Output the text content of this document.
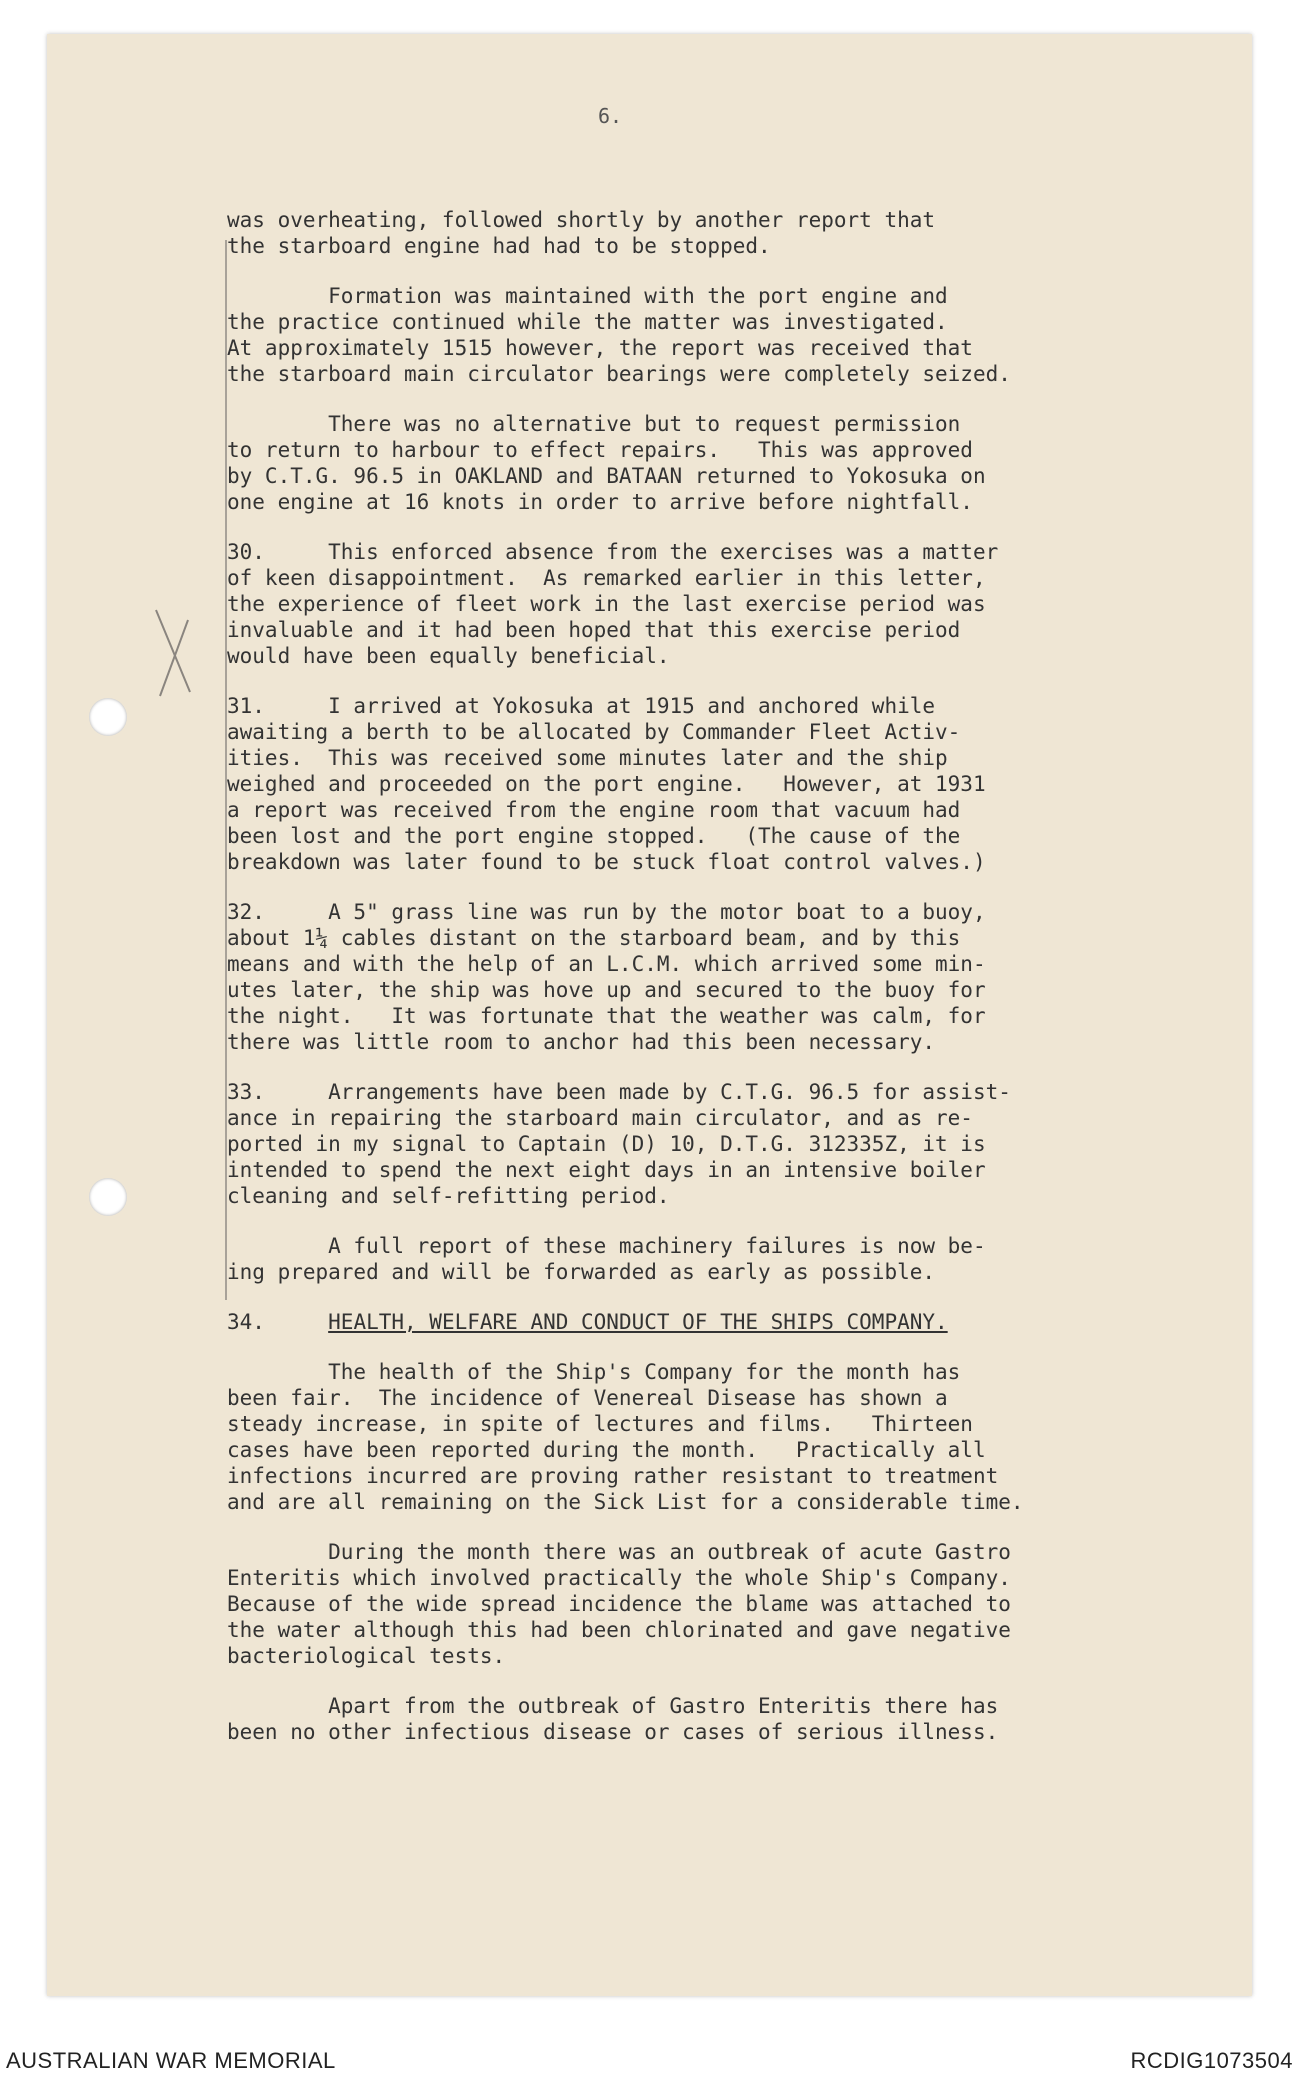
6.
was overheating, followed shortly by another report that
the starboard engine had had to be stopped.
Formation was maintained with the port engine and
the practice continued while the matter was investigated.
At approximately 1515 however, the report was received that
the starboard main circulator bearings were completely seized.
There was no alternative but to request permission
to return to harbour to effect repairs.   This was approved
by C.T.G. 96.5 in OAKLAND and BATAAN returned to Yokosuka on
one engine at 16 knots in order to arrive before nightfall.
30.     This enforced absence from the exercises was a matter
of keen disappointment.  As remarked earlier in this letter,
the experience of fleet work in the last exercise period was
invaluable and it had been hoped that this exercise period
would have been equally beneficial.
31.     I arrived at Yokosuka at 1915 and anchored while
awaiting a berth to be allocated by Commander Fleet Activ-
ities.  This was received some minutes later and the ship
weighed and proceeded on the port engine.   However, at 1931
a report was received from the engine room that vacuum had
been lost and the port engine stopped.   (The cause of the
breakdown was later found to be stuck float control valves.)
32.     A 5" grass line was run by the motor boat to a buoy,
about 1¼ cables distant on the starboard beam, and by this
means and with the help of an L.C.M. which arrived some min-
utes later, the ship was hove up and secured to the buoy for
the night.   It was fortunate that the weather was calm, for
there was little room to anchor had this been necessary.
33.     Arrangements have been made by C.T.G. 96.5 for assist-
ance in repairing the starboard main circulator, and as re-
ported in my signal to Captain (D) 10, D.T.G. 312335Z, it is
intended to spend the next eight days in an intensive boiler
cleaning and self-refitting period.
A full report of these machinery failures is now be-
ing prepared and will be forwarded as early as possible.
34.	HEALTH, WELFARE AND CONDUCT OF THE SHIPS COMPANY.
The health of the Ship's Company for the month has
been fair.  The incidence of Venereal Disease has shown a
steady increase, in spite of lectures and films.   Thirteen
cases have been reported during the month.   Practically all
infections incurred are proving rather resistant to treatment
and are all remaining on the Sick List for a considerable time.
During the month there was an outbreak of acute Gastro
Enteritis which involved practically the whole Ship's Company.
Because of the wide spread incidence the blame was attached to
the water although this had been chlorinated and gave negative
bacteriological tests.
Apart from the outbreak of Gastro Enteritis there has
been no other infectious disease or cases of serious illness.
AUSTRALIAN WAR MEMORIAL	RCDIG1073504
